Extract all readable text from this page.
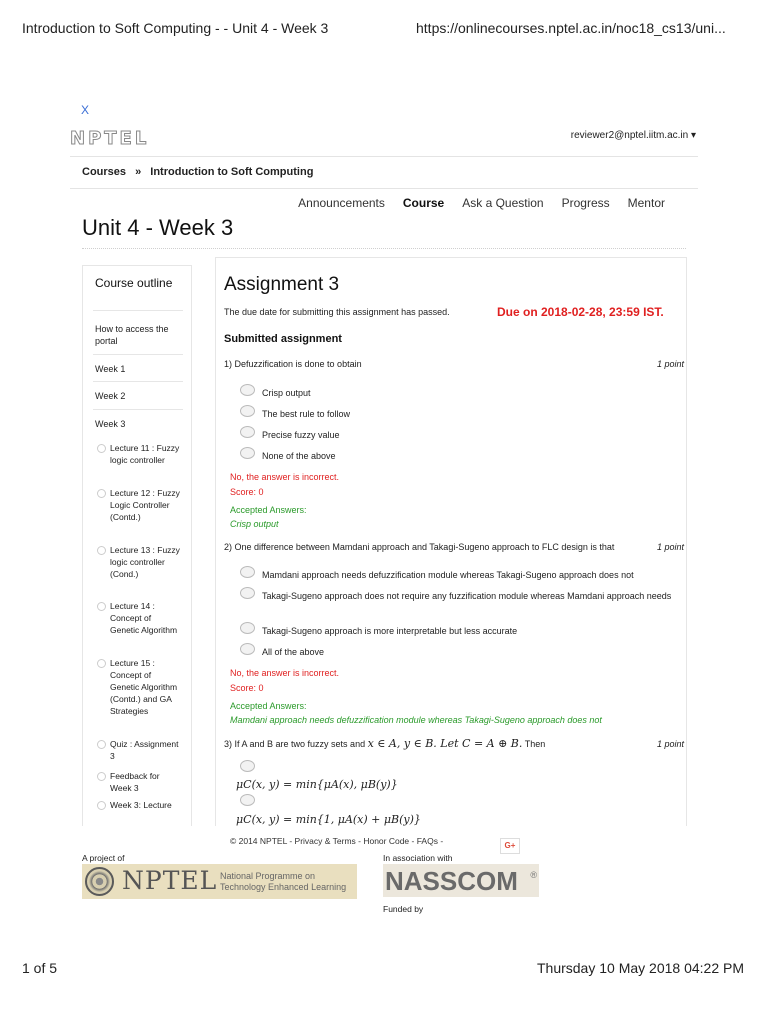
Introduction to Soft Computing - - Unit 4 - Week 3	https://onlinecourses.nptel.ac.in/noc18_cs13/uni...
X
NPTEL	reviewer2@nptel.iitm.ac.in ▾
Courses » Introduction to Soft Computing
Announcements Course Ask a Question Progress Mentor
Unit 4 - Week 3
Course outline
How to access the portal
Week 1
Week 2
Week 3
Lecture 11 : Fuzzy logic controller
Lecture 12 : Fuzzy Logic Controller (Contd.)
Lecture 13 : Fuzzy logic controller (Cond.)
Lecture 14 : Concept of Genetic Algorithm
Lecture 15 : Concept of Genetic Algorithm (Contd.) and GA Strategies
Quiz : Assignment 3
Feedback for Week 3
Week 3: Lecture
Assignment 3
The due date for submitting this assignment has passed.	Due on 2018-02-28, 23:59 IST.
Submitted assignment
1) Defuzzification is done to obtain	1 point
Crisp output
The best rule to follow
Precise fuzzy value
None of the above
No, the answer is incorrect.
Score: 0
Accepted Answers:
Crisp output
2) One difference between Mamdani approach and Takagi-Sugeno approach to FLC design is that	1 point
Mamdani approach needs defuzzification module whereas Takagi-Sugeno approach does not
Takagi-Sugeno approach does not require any fuzzification module whereas Mamdani approach needs
Takagi-Sugeno approach is more interpretable but less accurate
All of the above
No, the answer is incorrect.
Score: 0
Accepted Answers:
Mamdani approach needs defuzzification module whereas Takagi-Sugeno approach does not
3) If A and B are two fuzzy sets and x ∈ A, y ∈ B. Let C = A ⊕ B. Then	1 point
μC(x, y) = min{μA(x), μB(y)}
μC(x, y) = min{1, μA(x) + μB(y)}
© 2014 NPTEL - Privacy & Terms - Honor Code - FAQs -	G+
A project of	In association with
NPTEL National Programme on Technology Enhanced Learning	NASSCOM ®
Funded by
1 of 5	Thursday 10 May 2018 04:22 PM
